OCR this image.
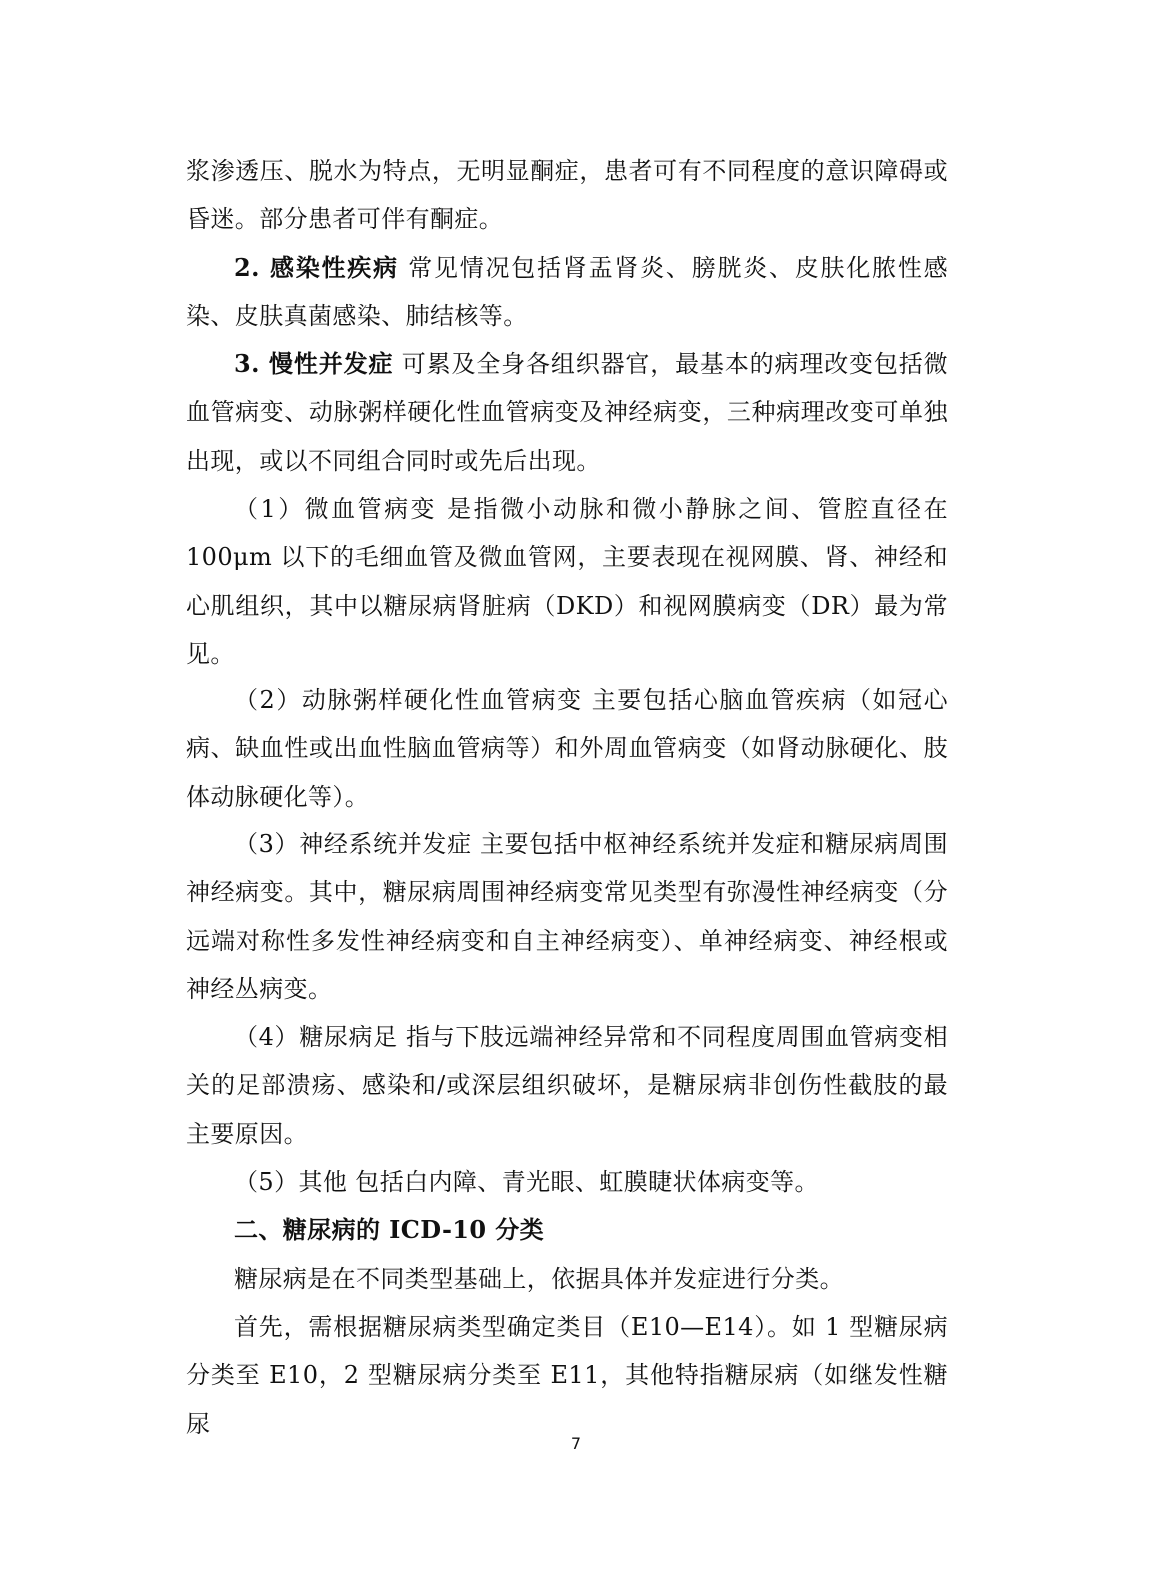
浆渗透压、脱水为特点，无明显酮症，患者可有不同程度的意识障碍或昏迷。部分患者可伴有酮症。

2. 感染性疾病 常见情况包括肾盂肾炎、膀胱炎、皮肤化脓性感染、皮肤真菌感染、肺结核等。

3. 慢性并发症 可累及全身各组织器官，最基本的病理改变包括微血管病变、动脉粥样硬化性血管病变及神经病变，三种病理改变可单独出现，或以不同组合同时或先后出现。

（1）微血管病变 是指微小动脉和微小静脉之间、管腔直径在 100μm 以下的毛细血管及微血管网，主要表现在视网膜、肾、神经和心肌组织，其中以糖尿病肾脏病（DKD）和视网膜病变（DR）最为常见。

（2）动脉粥样硬化性血管病变 主要包括心脑血管疾病（如冠心病、缺血性或出血性脑血管病等）和外周血管病变（如肾动脉硬化、肢体动脉硬化等）。

（3）神经系统并发症 主要包括中枢神经系统并发症和糖尿病周围神经病变。其中，糖尿病周围神经病变常见类型有弥漫性神经病变（分远端对称性多发性神经病变和自主神经病变）、单神经病变、神经根或神经丛病变。

（4）糖尿病足 指与下肢远端神经异常和不同程度周围血管病变相关的足部溃疡、感染和/或深层组织破坏，是糖尿病非创伤性截肢的最主要原因。

（5）其他 包括白内障、青光眼、虹膜睫状体病变等。

二、糖尿病的 ICD-10 分类

糖尿病是在不同类型基础上，依据具体并发症进行分类。

首先，需根据糖尿病类型确定类目（E10—E14）。如 1 型糖尿病分类至 E10，2 型糖尿病分类至 E11，其他特指糖尿病（如继发性糖尿

7
